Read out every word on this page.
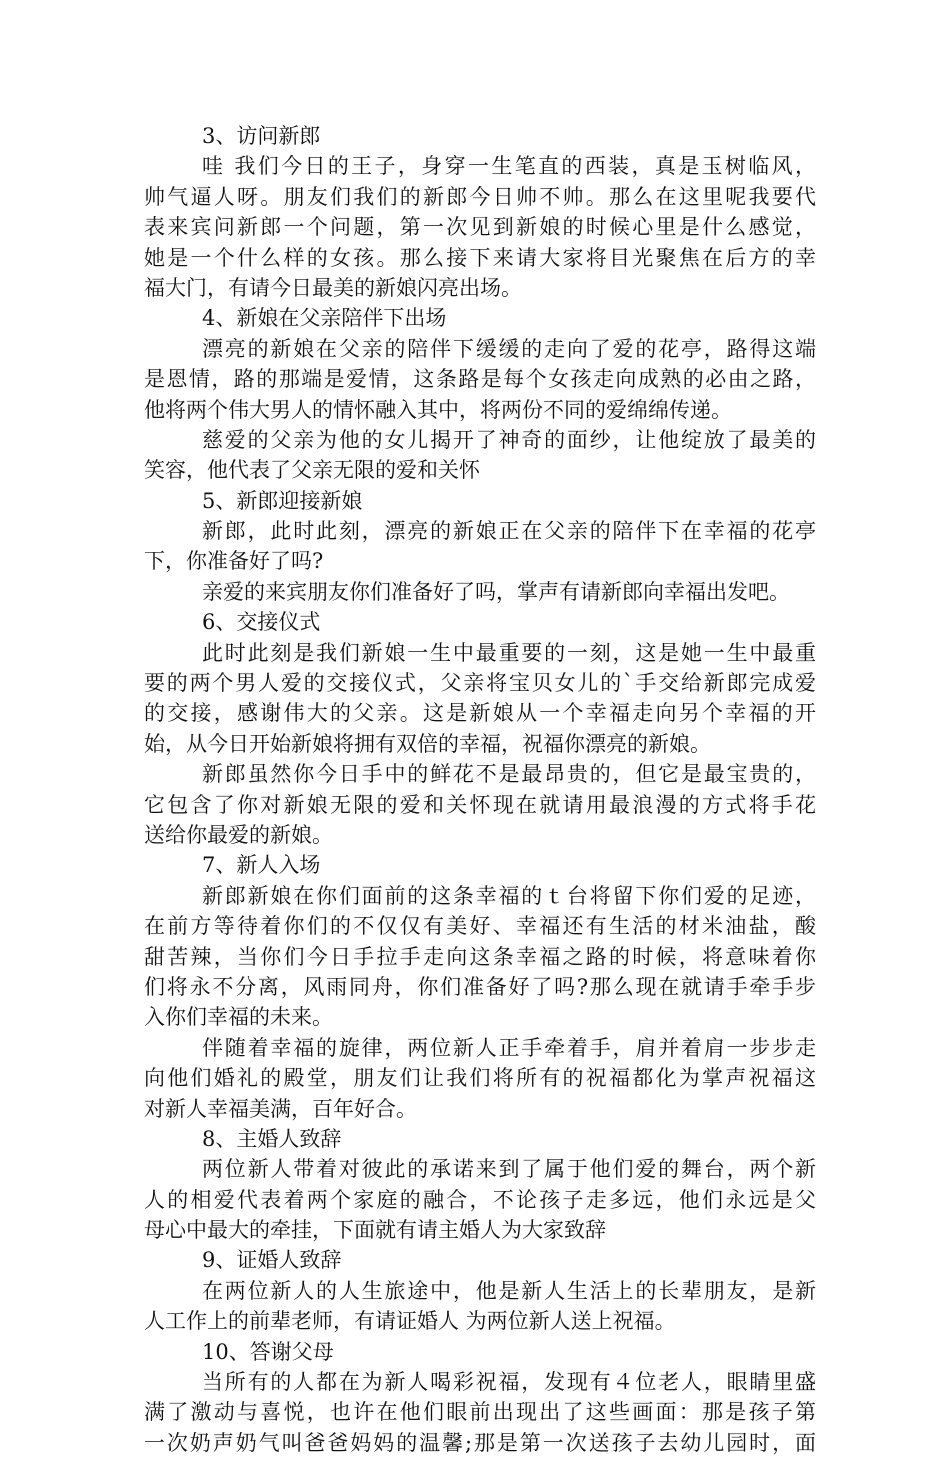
3、访问新郎
哇 我们今日的王子，身穿一生笔直的西装，真是玉树临风，
帅气逼人呀。朋友们我们的新郎今日帅不帅。那么在这里呢我要代
表来宾问新郎一个问题，第一次见到新娘的时候心里是什么感觉，
她是一个什么样的女孩。那么接下来请大家将目光聚焦在后方的幸
福大门，有请今日最美的新娘闪亮出场。
4、新娘在父亲陪伴下出场
漂亮的新娘在父亲的陪伴下缓缓的走向了爱的花亭，路得这端
是恩情，路的那端是爱情，这条路是每个女孩走向成熟的必由之路，
他将两个伟大男人的情怀融入其中，将两份不同的爱绵绵传递。
慈爱的父亲为他的女儿揭开了神奇的面纱，让他绽放了最美的
笑容，他代表了父亲无限的爱和关怀
5、新郎迎接新娘
新郎，此时此刻，漂亮的新娘正在父亲的陪伴下在幸福的花亭
下，你准备好了吗?
亲爱的来宾朋友你们准备好了吗，掌声有请新郎向幸福出发吧。
6、交接仪式
此时此刻是我们新娘一生中最重要的一刻，这是她一生中最重
要的两个男人爱的交接仪式，父亲将宝贝女儿的`手交给新郎完成爱
的交接，感谢伟大的父亲。这是新娘从一个幸福走向另个幸福的开
始，从今日开始新娘将拥有双倍的幸福，祝福你漂亮的新娘。
新郎虽然你今日手中的鲜花不是最昂贵的，但它是最宝贵的，
它包含了你对新娘无限的爱和关怀现在就请用最浪漫的方式将手花
送给你最爱的新娘。
7、新人入场
新郎新娘在你们面前的这条幸福的ｔ台将留下你们爱的足迹，
在前方等待着你们的不仅仅有美好、幸福还有生活的材米油盐，酸
甜苦辣，当你们今日手拉手走向这条幸福之路的时候，将意味着你
们将永不分离，风雨同舟，你们准备好了吗?那么现在就请手牵手步
入你们幸福的未来。
伴随着幸福的旋律，两位新人正手牵着手，肩并着肩一步步走
向他们婚礼的殿堂，朋友们让我们将所有的祝福都化为掌声祝福这
对新人幸福美满，百年好合。
8、主婚人致辞
两位新人带着对彼此的承诺来到了属于他们爱的舞台，两个新
人的相爱代表着两个家庭的融合，不论孩子走多远，他们永远是父
母心中最大的牵挂，下面就有请主婚人为大家致辞
9、证婚人致辞
在两位新人的人生旅途中，他是新人生活上的长辈朋友，是新
人工作上的前辈老师，有请证婚人 为两位新人送上祝福。
10、答谢父母
当所有的人都在为新人喝彩祝福，发现有４位老人，眼睛里盛
满了激动与喜悦，也许在他们眼前出现出了这些画面：那是孩子第
一次奶声奶气叫爸爸妈妈的温馨;那是第一次送孩子去幼儿园时，面
